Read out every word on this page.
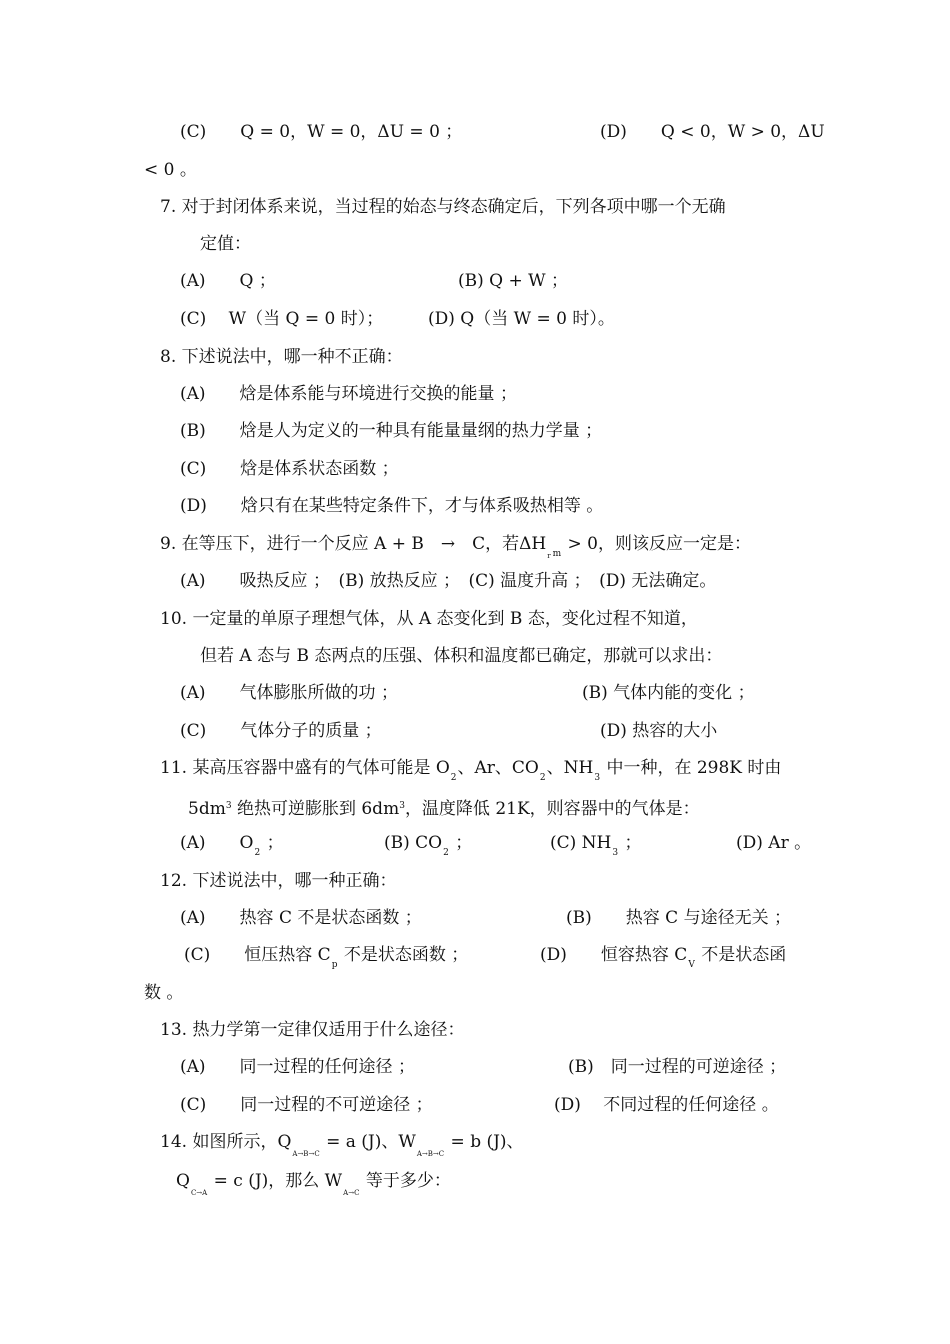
(C)　　Q = 0，W = 0，ΔU = 0 ；	(D)　　Q < 0，W > 0，ΔU
< 0 。
7. 对于封闭体系来说，当过程的始态与终态确定后，下列各项中哪一个无确
定值：
(A)　　Q ；	(B) Q + W ；
(C)　 W（当 Q = 0 时）；	(D) Q（当 W = 0 时）。
8. 下述说法中，哪一种不正确：
(A)　　焓是体系能与环境进行交换的能量 ；
(B)　　焓是人为定义的一种具有能量量纲的热力学量 ；
(C)　　焓是体系状态函数 ；
(D)　　焓只有在某些特定条件下，才与体系吸热相等 。
9. 在等压下，进行一个反应 A + B　→　C，若$\Delta H_r$ $_m$ > 0，则该反应一定是：
(A)　　吸热反应 ；　(B) 放热反应 ；　(C) 温度升高 ；　(D) 无法确定。
10. 一定量的单原子理想气体，从 A 态变化到 B 态，变化过程不知道，
但若 A 态与 B 态两点的压强、体积和温度都已确定，那就可以求出：
(A)　　气体膨胀所做的功 ；	(B) 气体内能的变化 ；
(C)　　气体分子的质量 ；	(D) 热容的大小
11. 某高压容器中盛有的气体可能是 $O_2$、Ar、$CO_2$、$NH_3$ 中一种，在 298K 时由
$5dm^3$ 绝热可逆膨胀到 $6dm^3$，温度降低 21K，则容器中的气体是：
(A)　　$O_2$ ；	(B) $CO_2$ ；	(C) $NH_3$ ；	(D) Ar 。
12. 下述说法中，哪一种正确：
(A)　　热容 C 不是状态函数 ；	(B)　　热容 C 与途径无关 ；
(C)　　恒压热容 $C_p$ 不是状态函数 ；	(D)　　恒容热容 $C_V$ 不是状态函
数 。
13. 热力学第一定律仅适用于什么途径：
(A)　　同一过程的任何途径 ；	(B)　同一过程的可逆途径 ；
(C)　　同一过程的不可逆途径 ；	(D)　 不同过程的任何途径 。
14. 如图所示，$Q_{A\to B\to C} = a$ (J)、$W_{A\to B\to C} = b$ (J)、
$Q_{C\to A} = c$ (J)，那么 $W_{A\to C}$ 等于多少：
